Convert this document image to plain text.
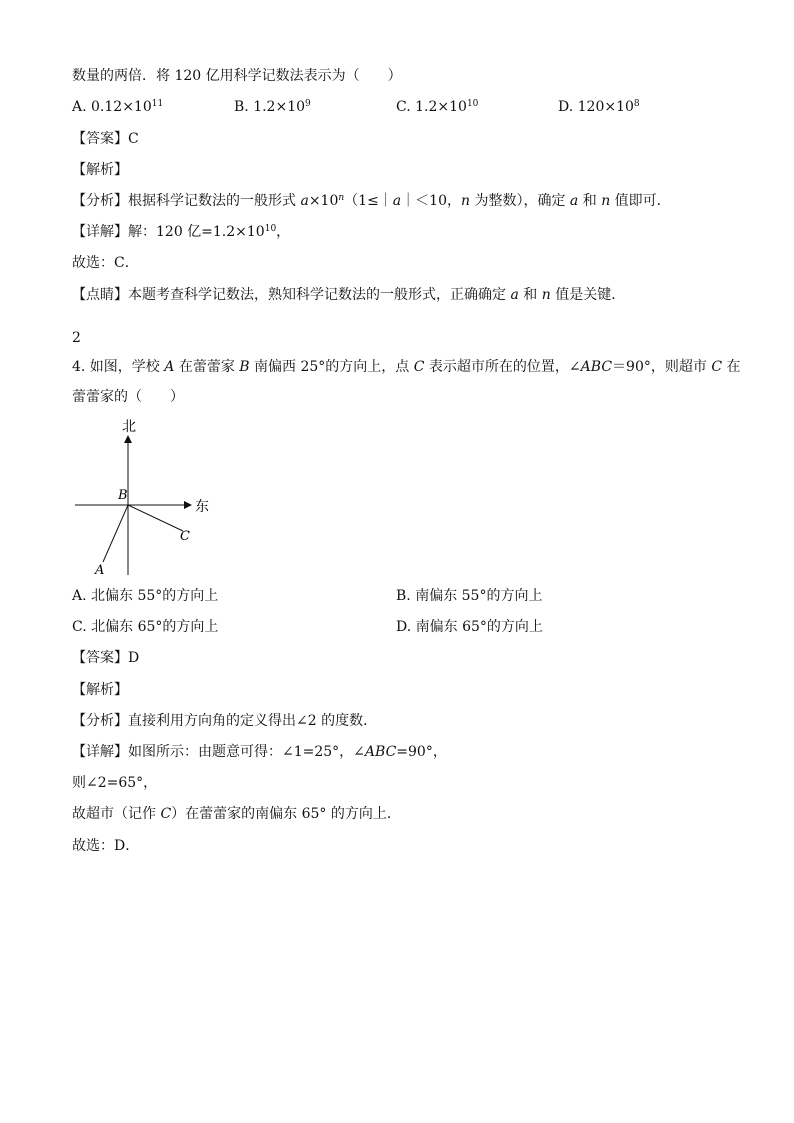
数量的两倍．将 120 亿用科学记数法表示为（　　）
A. $0.12\times 10^{11}$	B. $1.2\times 10^9$	C. $1.2\times 10^{10}$	D. $120\times 10^8$
【答案】C
【解析】
【分析】根据科学记数法的一般形式 $a\times 10^n(1\le|a|<10$，n 为整数），确定 a 和 n 值即可．
【详解】解：120 亿$=1.2\times 10^{10}$，
故选：C．
【点睛】本题考查科学记数法，熟知科学记数法的一般形式，正确确定 a 和 n 值是关键．
2
4. 如图，学校 A 在蕾蕾家 B 南偏西 25°的方向上，点 C 表示超市所在的位置，∠ABC＝90°，则超市 C 在
蕾蕾家的（　　）
北
东
B
C
A
A. 北偏东 55°的方向上	B. 南偏东 55°的方向上
C. 北偏东 65°的方向上	D. 南偏东 65°的方向上
【答案】D
【解析】
【分析】直接利用方向角的定义得出∠2 的度数．
【详解】如图所示：由题意可得：∠1=25°，∠ABC=90°，
则∠2=65°，
故超市（记作 C）在蕾蕾家的南偏东 65° 的方向上．
故选：D．
